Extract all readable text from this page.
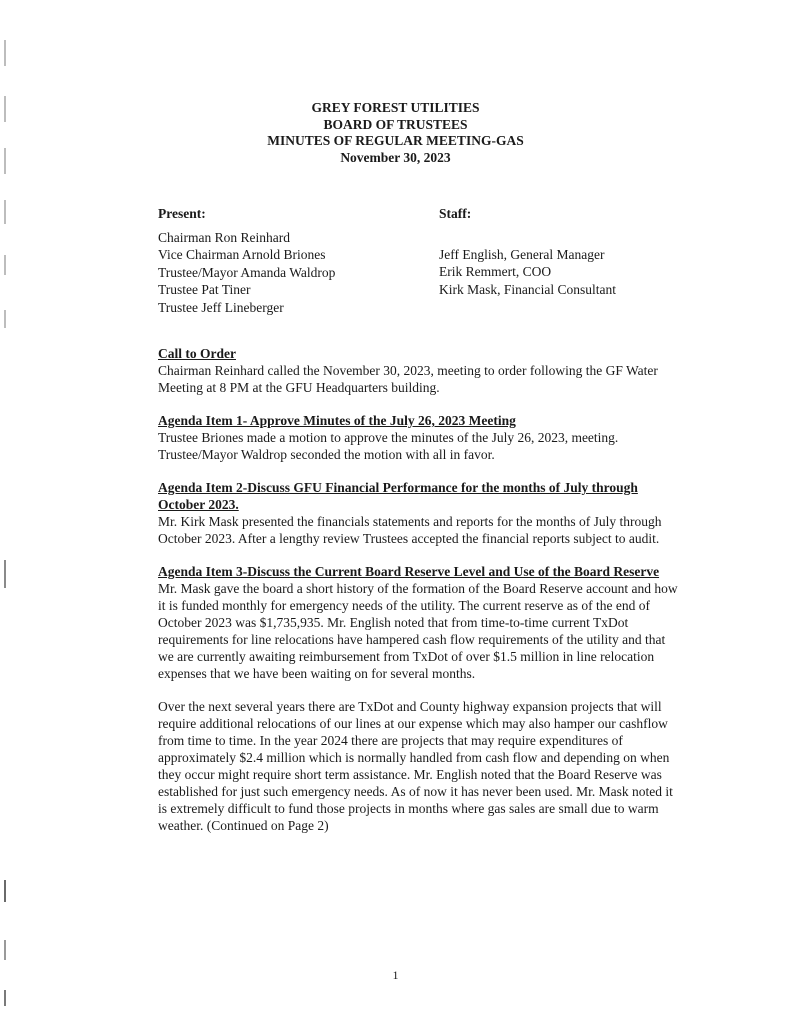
GREY FOREST UTILITIES
BOARD OF TRUSTEES
MINUTES OF REGULAR MEETING-GAS
November 30, 2023
Present:
Chairman Ron Reinhard
Vice Chairman Arnold Briones
Trustee/Mayor Amanda Waldrop
Trustee Pat Tiner
Trustee Jeff Lineberger
Staff:
Jeff English, General Manager
Erik Remmert, COO
Kirk Mask, Financial Consultant
Call to Order
Chairman Reinhard called the November 30, 2023, meeting to order following the GF Water Meeting at 8 PM at the GFU Headquarters building.
Agenda Item 1- Approve Minutes of the July 26, 2023 Meeting
Trustee Briones made a motion to approve the minutes of the July 26, 2023, meeting. Trustee/Mayor Waldrop seconded the motion with all in favor.
Agenda Item 2-Discuss GFU Financial Performance for the months of July through October 2023.
Mr. Kirk Mask presented the financials statements and reports for the months of July through October 2023. After a lengthy review Trustees accepted the financial reports subject to audit.
Agenda Item 3-Discuss the Current Board Reserve Level and Use of the Board Reserve
Mr. Mask gave the board a short history of the formation of the Board Reserve account and how it is funded monthly for emergency needs of the utility. The current reserve as of the end of October 2023 was $1,735,935. Mr. English noted that from time-to-time current TxDot requirements for line relocations have hampered cash flow requirements of the utility and that we are currently awaiting reimbursement from TxDot of over $1.5 million in line relocation expenses that we have been waiting on for several months.
Over the next several years there are TxDot and County highway expansion projects that will require additional relocations of our lines at our expense which may also hamper our cashflow from time to time. In the year 2024 there are projects that may require expenditures of approximately $2.4 million which is normally handled from cash flow and depending on when they occur might require short term assistance. Mr. English noted that the Board Reserve was established for just such emergency needs. As of now it has never been used. Mr. Mask noted it is extremely difficult to fund those projects in months where gas sales are small due to warm weather. (Continued on Page 2)
1
